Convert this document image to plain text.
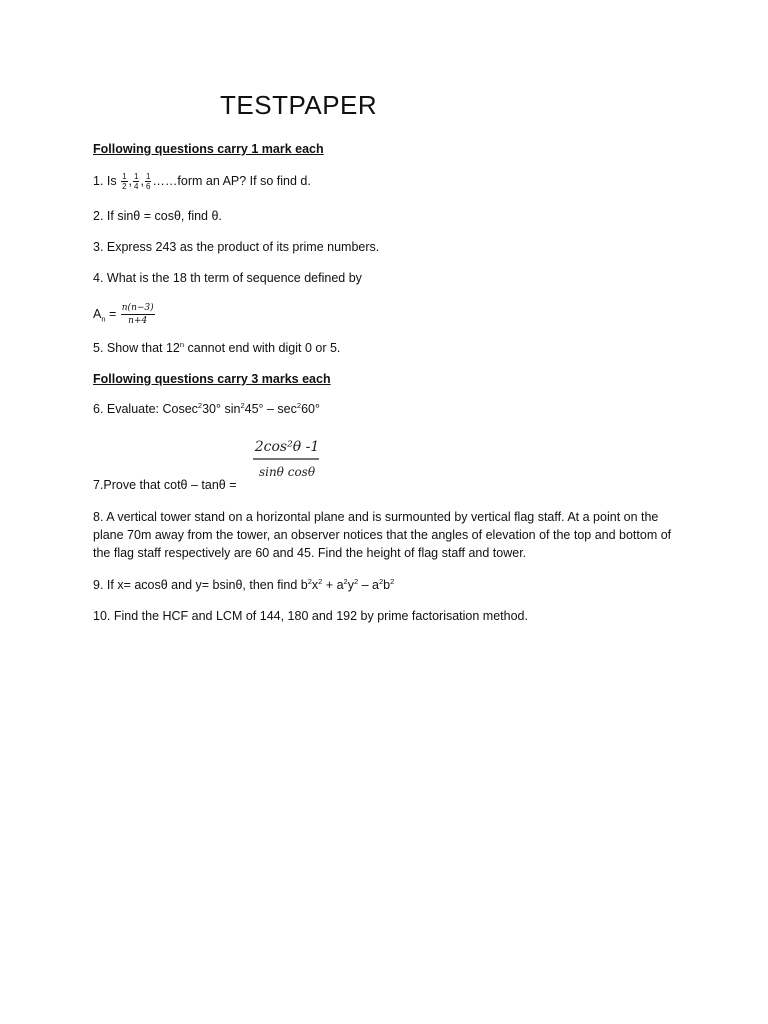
TESTPAPER
Following questions carry 1 mark each
1. Is $\frac{1}{2}$ , $\frac{1}{4}$ , $\frac{1}{6}$ ……form an AP? If so find d.
2. If sinθ = cosθ, find θ.
3. Express 243 as the product of its prime numbers.
4. What is the 18 th term of sequence defined by
$A_n = \frac{n(n-3)}{n+4}$
5. Show that 12$^n$ cannot end with digit 0 or 5.
Following questions carry 3 marks each
6. Evaluate: Cosec$^2$30° $\sin^245^\circ - \sec^260^\circ$
2cos²θ -1
sinθ cosθ
7.Prove that cotθ – tanθ =
8. A vertical tower stand on a horizontal plane and is surmounted by vertical flag staff. At a point on the plane 70m away from the tower, an observer notices that the angles of elevation of the top and bottom of the flag staff respectively are 60 and 45. Find the height of flag staff and tower.
9. If x= acosθ and y= bsinθ, then find $b^2x^2 + a^2y^2 - a^2b^2$
10. Find the HCF and LCM of 144, 180 and 192 by prime factorisation method.
